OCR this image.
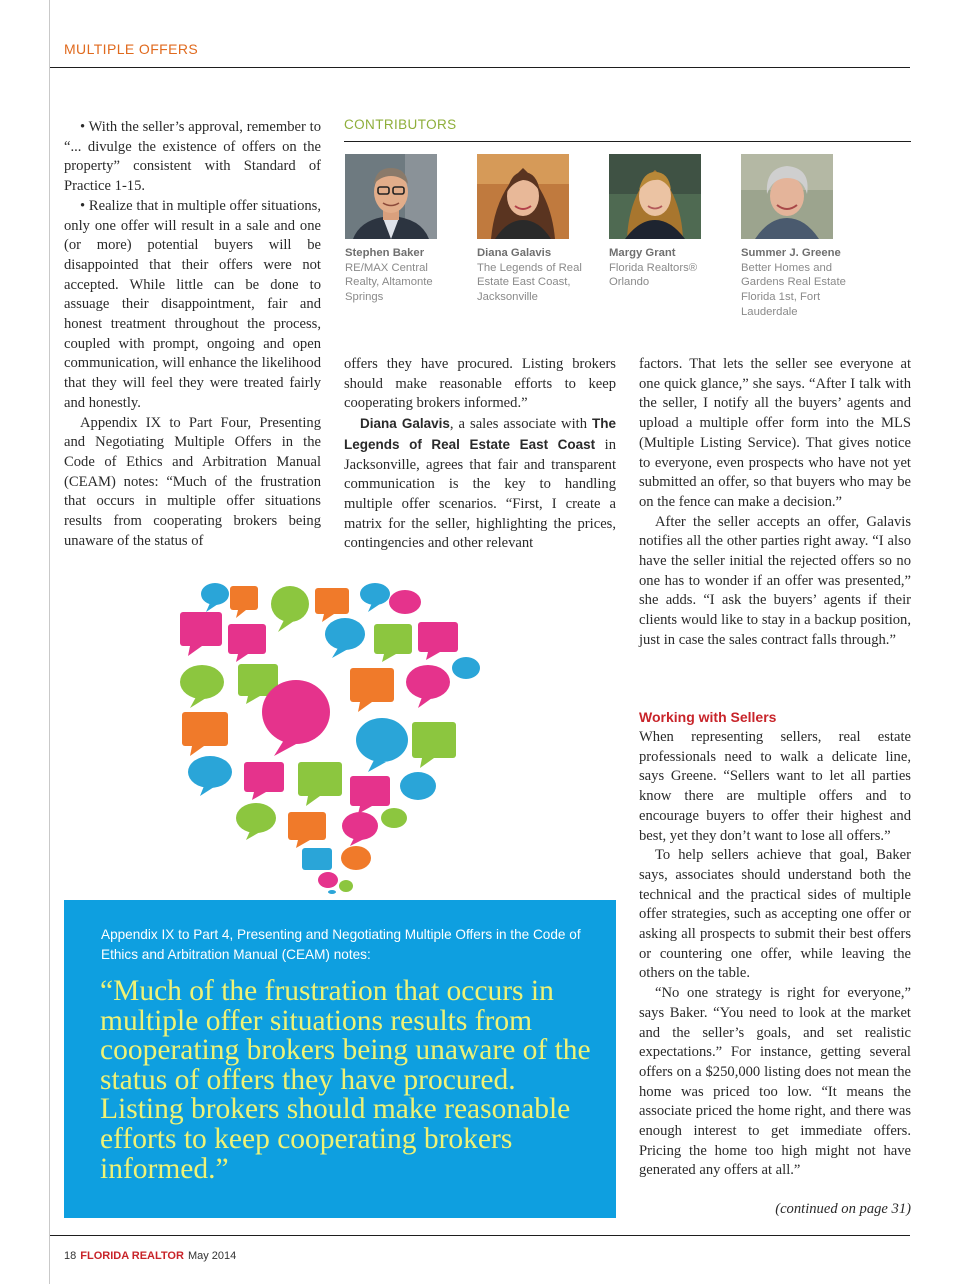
MULTIPLE OFFERS

• With the seller’s approval, remember to “... divulge the existence of offers on the property” consistent with Standard of Practice 1-15.

• Realize that in multiple offer situations, only one offer will result in a sale and one (or more) potential buyers will be disappointed that their offers were not accepted. While little can be done to assuage their disappointment, fair and honest treatment throughout the process, coupled with prompt, ongoing and open communication, will enhance the likelihood that they will feel they were treated fairly and honestly.

Appendix IX to Part Four, Presenting and Negotiating Multiple Offers in the Code of Ethics and Arbitration Manual (CEAM) notes: “Much of the frustration that occurs in multiple offer situations results from cooperating brokers being unaware of the status of

CONTRIBUTORS
Stephen Baker
RE/MAX Central Realty, Altamonte Springs
Diana Galavis
The Legends of Real Estate East Coast, Jacksonville
Margy Grant
Florida Realtors® Orlando
Summer J. Greene
Better Homes and Gardens Real Estate Florida 1st, Fort Lauderdale

offers they have procured. Listing brokers should make reasonable efforts to keep cooperating brokers informed.”

Diana Galavis, a sales associate with The Legends of Real Estate East Coast in Jacksonville, agrees that fair and transparent communication is the key to handling multiple offer scenarios. “First, I create a matrix for the seller, highlighting the prices, contingencies and other relevant

factors. That lets the seller see everyone at one quick glance,” she says. “After I talk with the seller, I notify all the buyers’ agents and upload a multiple offer form into the MLS (Multiple Listing Service). That gives notice to everyone, even prospects who have not yet submitted an offer, so that buyers who may be on the fence can make a decision.”

After the seller accepts an offer, Galavis notifies all the other parties right away. “I also have the seller initial the rejected offers so no one has to wonder if an offer was presented,” she adds. “I ask the buyers’ agents if their clients would like to stay in a backup position, just in case the sales contract falls through.”

Working with Sellers

When representing sellers, real estate professionals need to walk a delicate line, says Greene. “Sellers want to let all parties know there are multiple offers and to encourage buyers to offer their highest and best, yet they don’t want to lose all offers.”

To help sellers achieve that goal, Baker says, associates should understand both the technical and the practical sides of multiple offer strategies, such as accepting one offer or asking all prospects to submit their best offers or countering one offer, while leaving the others on the table.

“No one strategy is right for everyone,” says Baker. “You need to look at the market and the seller’s goals, and set realistic expectations.” For instance, getting several offers on a $250,000 listing does not mean the home was priced too low. “It means the associate priced the home right, and there was enough interest to get immediate offers. Pricing the home too high might not have generated any offers at all.”

(continued on page 31)
Appendix IX to Part 4, Presenting and Negotiating Multiple Offers in the Code of Ethics and Arbitration Manual (CEAM) notes:
“Much of the frustration that occurs in multiple offer situations results from cooperating brokers being unaware of the status of offers they have procured. Listing brokers should make reasonable efforts to keep cooperating brokers informed.”
18 FLORIDA REALTOR May 2014
